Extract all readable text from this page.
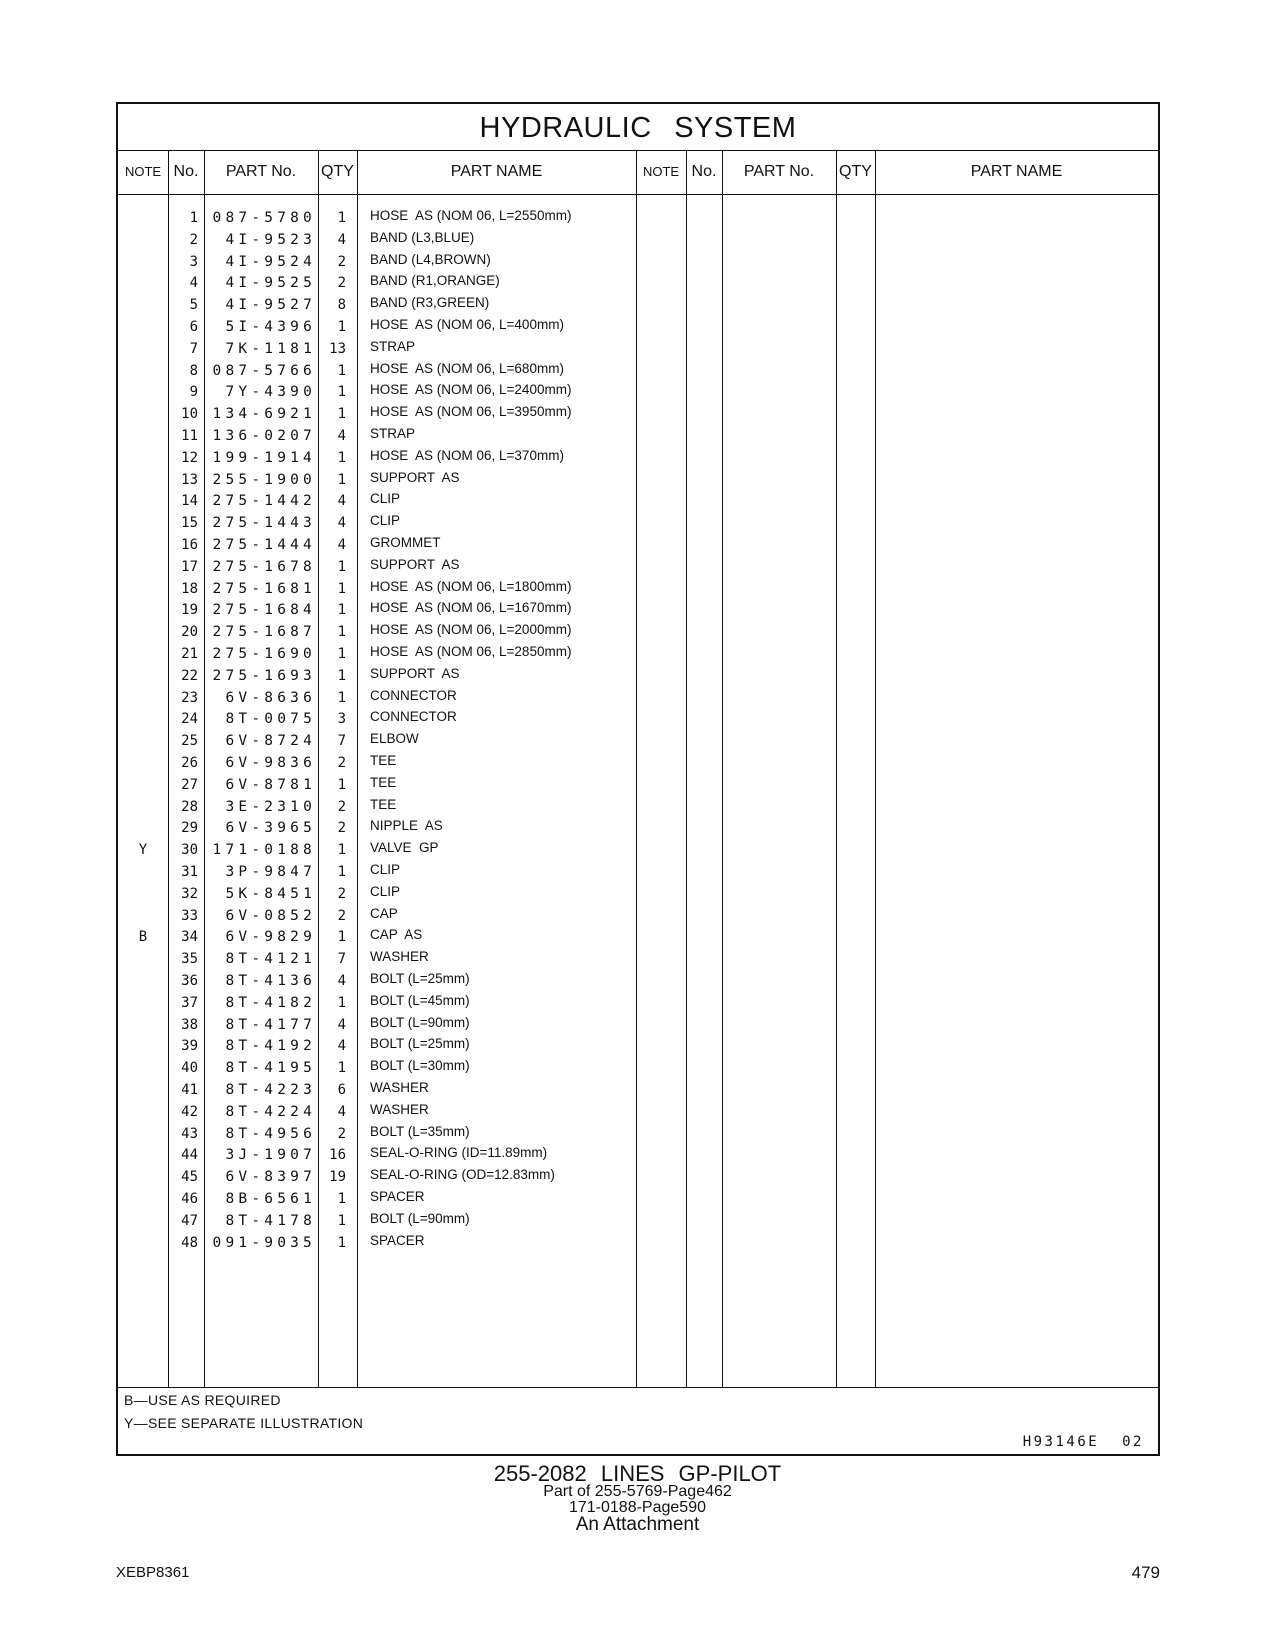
HYDRAULIC SYSTEM
NOTE No.	PART No.	QTY	PART NAME	NOTE No.	PART No.	QTY	PART NAME
1	087-5780	1 HOSE  AS (NOM 06, L=2550mm)
2	4I-9523	4 BAND (L3,BLUE)
3	4I-9524	2 BAND (L4,BROWN)
4	4I-9525	2 BAND (R1,ORANGE)
5	4I-9527	8 BAND (R3,GREEN)
6	5I-4396	1 HOSE  AS (NOM 06, L=400mm)
7	7K-1181 13 STRAP
8	087-5766	1 HOSE  AS (NOM 06, L=680mm)
9	7Y-4390	1 HOSE  AS (NOM 06, L=2400mm)
10	134-6921	1 HOSE  AS (NOM 06, L=3950mm)
11	136-0207	4 STRAP
12	199-1914	1 HOSE  AS (NOM 06, L=370mm)
13	255-1900	1 SUPPORT  AS
14	275-1442	4 CLIP
15	275-1443	4 CLIP
16	275-1444	4 GROMMET
17	275-1678	1 SUPPORT  AS
18	275-1681	1 HOSE  AS (NOM 06, L=1800mm)
19	275-1684	1 HOSE  AS (NOM 06, L=1670mm)
20	275-1687	1 HOSE  AS (NOM 06, L=2000mm)
21	275-1690	1 HOSE  AS (NOM 06, L=2850mm)
22	275-1693	1 SUPPORT  AS
23	6V-8636	1 CONNECTOR
24	8T-0075	3 CONNECTOR
25	6V-8724	7 ELBOW
26	6V-9836	2 TEE
27	6V-8781	1 TEE
28	3E-2310	2 TEE
29	6V-3965	2 NIPPLE  AS
Y	30	171-0188	1 VALVE  GP
31	3P-9847	1 CLIP
32	5K-8451	2 CLIP
33	6V-0852	2 CAP
B	34	6V-9829	1 CAP  AS
35	8T-4121	7 WASHER
36	8T-4136	4 BOLT (L=25mm)
37	8T-4182	1 BOLT (L=45mm)
38	8T-4177	4 BOLT (L=90mm)
39	8T-4192	4 BOLT (L=25mm)
40	8T-4195	1 BOLT (L=30mm)
41	8T-4223	6 WASHER
42	8T-4224	4 WASHER
43	8T-4956	2 BOLT (L=35mm)
44	3J-1907 16 SEAL-O-RING (ID=11.89mm)
45	6V-8397 19 SEAL-O-RING (OD=12.83mm)
46	8B-6561	1 SPACER
47	8T-4178	1 BOLT (L=90mm)
48	091-9035	1 SPACER
B—USE AS REQUIRED
Y—SEE SEPARATE ILLUSTRATION
H93146E 02
255-2082 LINES GP-PILOT
Part of 255-5769-Page462
171-0188-Page590
An Attachment
XEBP8361	479
